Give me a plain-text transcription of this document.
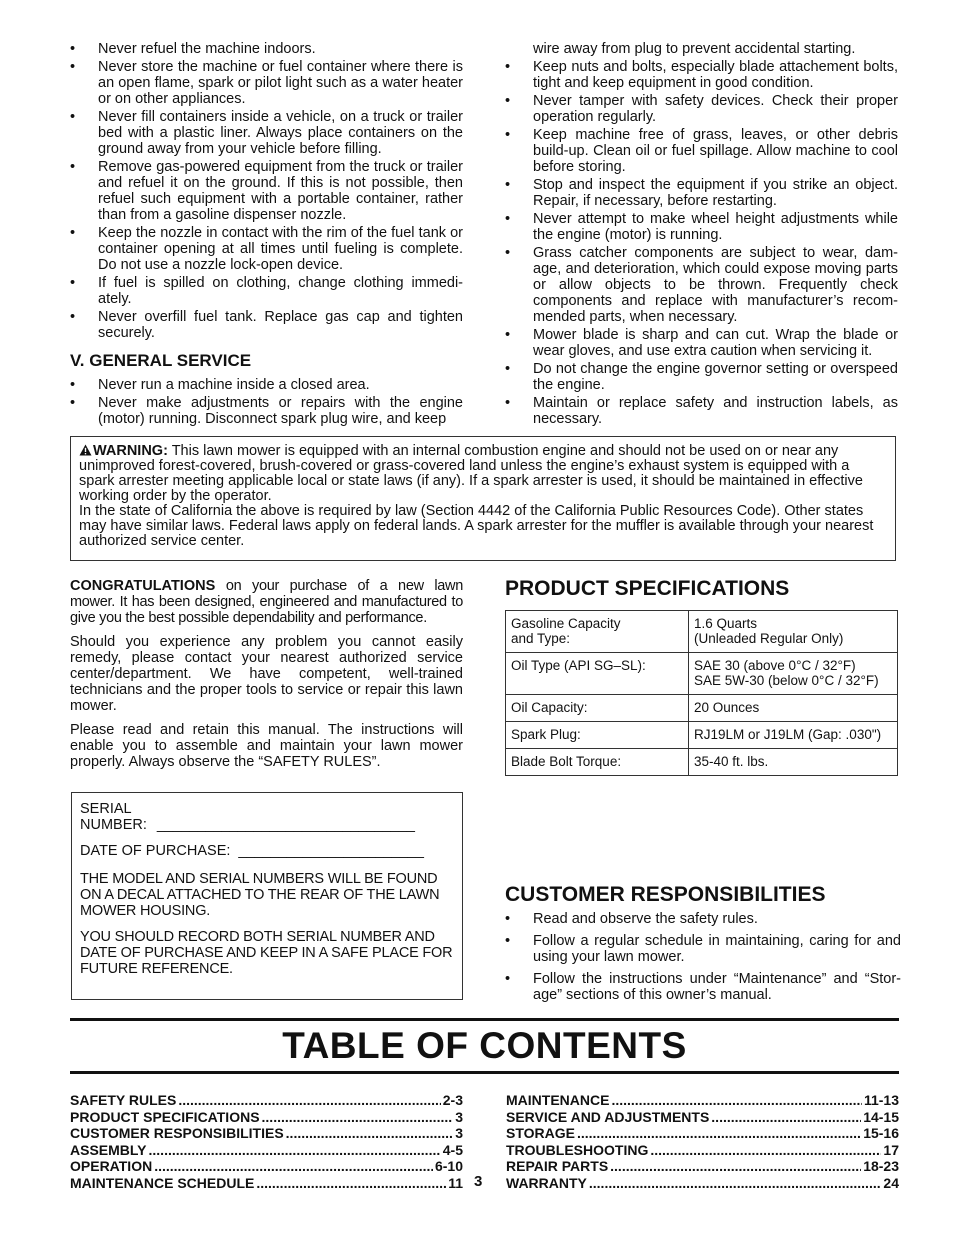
• Never refuel the machine indoors.
• Never store the machine or fuel container where there is an open flame, spark or pilot light such as a water heater or on other appliances.
• Never fill containers inside a vehicle, on a truck or trailer bed with a plastic liner. Always place containers on the ground away from your vehicle before filling.
• Remove gas-powered equipment from the truck or trailer and refuel it on the ground. If this is not possible, then refuel such equipment with a portable container, rather than from a gasoline dispenser nozzle.
• Keep the nozzle in contact with the rim of the fuel tank or container opening at all times until fueling is complete. Do not use a nozzle lock-open device.
• If fuel is spilled on clothing, change clothing immedi-ately.
• Never overfill fuel tank. Replace gas cap and tighten securely.
V. GENERAL SERVICE
• Never run a machine inside a closed area.
• Never make adjustments or repairs with the engine (motor) running. Disconnect spark plug wire, and keep
wire away from plug to prevent accidental starting.
• Keep nuts and bolts, especially blade attachement bolts, tight and keep equipment in good condition.
• Never tamper with safety devices. Check their proper operation regularly.
• Keep machine free of grass, leaves, or other debris build-up. Clean oil or fuel spillage. Allow machine to cool before storing.
• Stop and inspect the equipment if you strike an object. Repair, if necessary, before restarting.
• Never attempt to make wheel height adjustments while the engine (motor) is running.
• Grass catcher components are subject to wear, dam-age, and deterioration, which could expose moving parts or allow objects to be thrown. Frequently check components and replace with manufacturer’s recom-mended parts, when necessary.
• Mower blade is sharp and can cut. Wrap the blade or wear gloves, and use extra caution when servicing it.
• Do not change the engine governor setting or overspeed the engine.
• Maintain or replace safety and instruction labels, as necessary.

WARNING: This lawn mower is equipped with an internal combustion engine and should not be used on or near any unimproved forest-covered, brush-covered or grass-covered land unless the engine’s exhaust system is equipped with a spark arrester meeting applicable local or state laws (if any). If a spark arrester is used, it should be maintained in effective working order by the operator.

In the state of California the above is required by law (Section 4442 of the California Public Resources Code). Other states may have similar laws. Federal laws apply on federal lands. A spark arrester for the muffler is available through your nearest authorized service center.

CONGRATULATIONS on your purchase of a new lawn mower. It has been designed, engineered and manufactured to give you the best possible dependability and performance.

Should you experience any problem you cannot easily remedy, please contact your nearest authorized service center/department. We have competent, well-trained technicians and the proper tools to service or repair this lawn mower.

Please read and retain this manual. The instructions will enable you to assemble and maintain your lawn mower properly. Always observe the “SAFETY RULES”.

SERIAL
NUMBER: ________________________________

DATE OF PURCHASE: _______________________

THE MODEL AND SERIAL NUMBERS WILL BE FOUND ON A DECAL ATTACHED TO THE REAR OF THE LAWN MOWER HOUSING.

YOU SHOULD RECORD BOTH SERIAL NUMBER AND DATE OF PURCHASE AND KEEP IN A SAFE PLACE FOR FUTURE REFERENCE.

PRODUCT SPECIFICATIONS
Gasoline Capacity
and Type:	1.6 Quarts
(Unleaded Regular Only)
Oil Type (API SG–SL):	SAE 30 (above 0°C / 32°F)
SAE 5W-30 (below 0°C / 32°F)
Oil Capacity:	20 Ounces
Spark Plug:	RJ19LM or J19LM (Gap: .030")
Blade Bolt Torque:	35-40 ft. lbs.
CUSTOMER RESPONSIBILITIES
• Read and observe the safety rules.
• Follow a regular schedule in maintaining, caring for and using your lawn mower.
• Follow the instructions under “Maintenance” and “Stor-age” sections of this owner’s manual.
TABLE OF CONTENTS
SAFETY RULES .....	2-3
PRODUCT SPECIFICATIONS .....	3
CUSTOMER RESPONSIBILITIES .....	3
ASSEMBLY .....	4-5
OPERATION .....	6-10
MAINTENANCE SCHEDULE .....	11
MAINTENANCE .....	11-13
SERVICE AND ADJUSTMENTS .....	14-15
STORAGE .....	15-16
TROUBLESHOOTING .....	17
REPAIR PARTS .....	18-23
WARRANTY .....	24
3
